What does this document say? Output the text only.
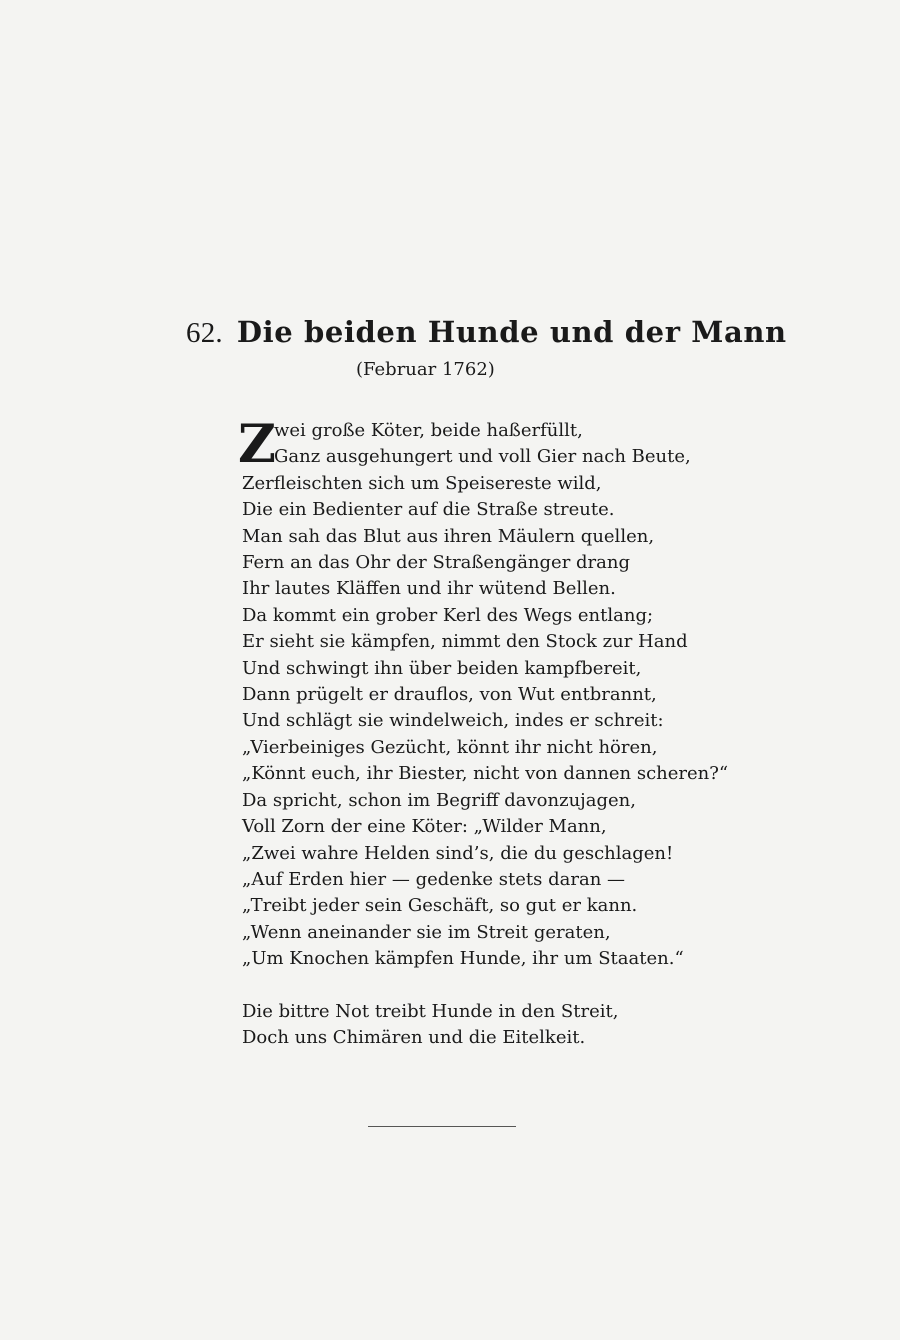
62. Die beiden Hunde und der Mann
(Februar 1762)
Z
wei große Köter, beide haßerfüllt,
Ganz ausgehungert und voll Gier nach Beute,
Zerfleischten sich um Speisereste wild,
Die ein Bedienter auf die Straße streute.
Man sah das Blut aus ihren Mäulern quellen,
Fern an das Ohr der Straßengänger drang
Ihr lautes Kläffen und ihr wütend Bellen.
Da kommt ein grober Kerl des Wegs entlang;
Er sieht sie kämpfen, nimmt den Stock zur Hand
Und schwingt ihn über beiden kampfbereit,
Dann prügelt er drauflos, von Wut entbrannt,
Und schlägt sie windelweich, indes er schreit:
„Vierbeiniges Gezücht, könnt ihr nicht hören,
„Könnt euch, ihr Biester, nicht von dannen scheren?“
Da spricht, schon im Begriff davonzujagen,
Voll Zorn der eine Köter: „Wilder Mann,
„Zwei wahre Helden sind’s, die du geschlagen!
„Auf Erden hier — gedenke stets daran —
„Treibt jeder sein Geschäft, so gut er kann.
„Wenn aneinander sie im Streit geraten,
„Um Knochen kämpfen Hunde, ihr um Staaten.“
Die bittre Not treibt Hunde in den Streit,
Doch uns Chimären und die Eitelkeit.
